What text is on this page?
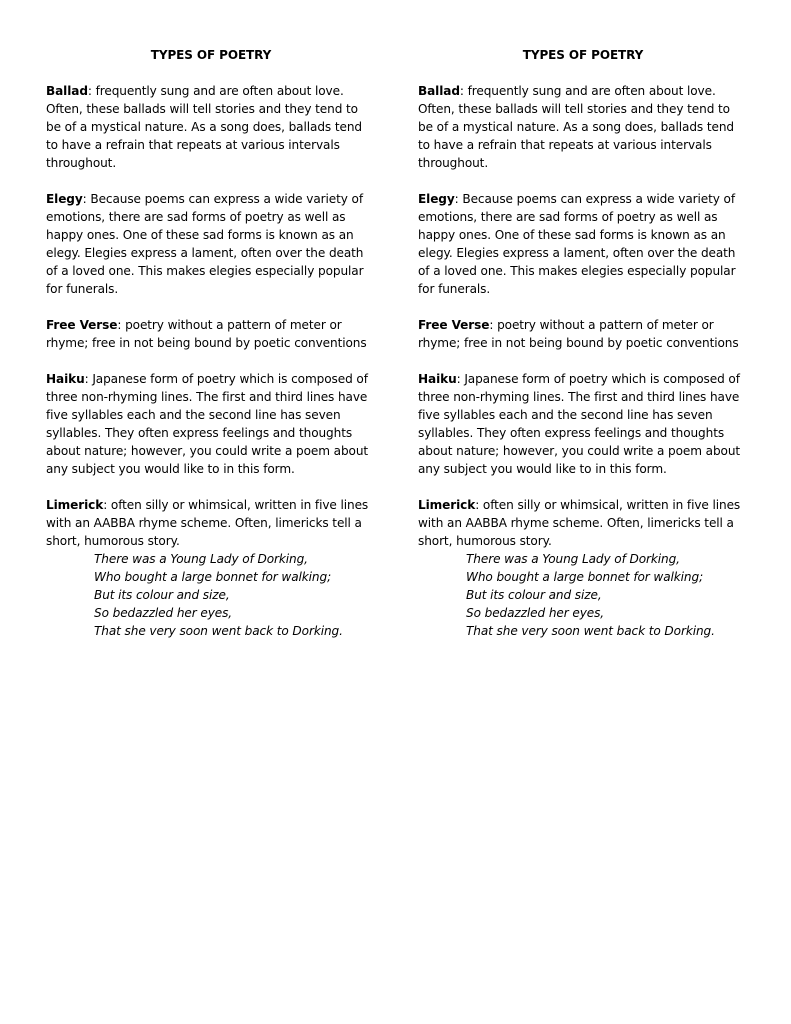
TYPES OF POETRY
Ballad: frequently sung and are often about love. Often, these ballads will tell stories and they tend to be of a mystical nature. As a song does, ballads tend to have a refrain that repeats at various intervals throughout.
Elegy: Because poems can express a wide variety of emotions, there are sad forms of poetry as well as happy ones. One of these sad forms is known as an elegy. Elegies express a lament, often over the death of a loved one. This makes elegies especially popular for funerals.
Free Verse: poetry without a pattern of meter or rhyme; free in not being bound by poetic conventions
Haiku: Japanese form of poetry which is composed of three non-rhyming lines. The first and third lines have five syllables each and the second line has seven syllables. They often express feelings and thoughts about nature; however, you could write a poem about any subject you would like to in this form.
Limerick: often silly or whimsical, written in five lines with an AABBA rhyme scheme. Often, limericks tell a short, humorous story.
There was a Young Lady of Dorking,
Who bought a large bonnet for walking;
But its colour and size,
So bedazzled her eyes,
That she very soon went back to Dorking.
TYPES OF POETRY
Ballad: frequently sung and are often about love. Often, these ballads will tell stories and they tend to be of a mystical nature. As a song does, ballads tend to have a refrain that repeats at various intervals throughout.
Elegy: Because poems can express a wide variety of emotions, there are sad forms of poetry as well as happy ones. One of these sad forms is known as an elegy. Elegies express a lament, often over the death of a loved one. This makes elegies especially popular for funerals.
Free Verse: poetry without a pattern of meter or rhyme; free in not being bound by poetic conventions
Haiku: Japanese form of poetry which is composed of three non-rhyming lines. The first and third lines have five syllables each and the second line has seven syllables. They often express feelings and thoughts about nature; however, you could write a poem about any subject you would like to in this form.
Limerick: often silly or whimsical, written in five lines with an AABBA rhyme scheme. Often, limericks tell a short, humorous story.
There was a Young Lady of Dorking,
Who bought a large bonnet for walking;
But its colour and size,
So bedazzled her eyes,
That she very soon went back to Dorking.
